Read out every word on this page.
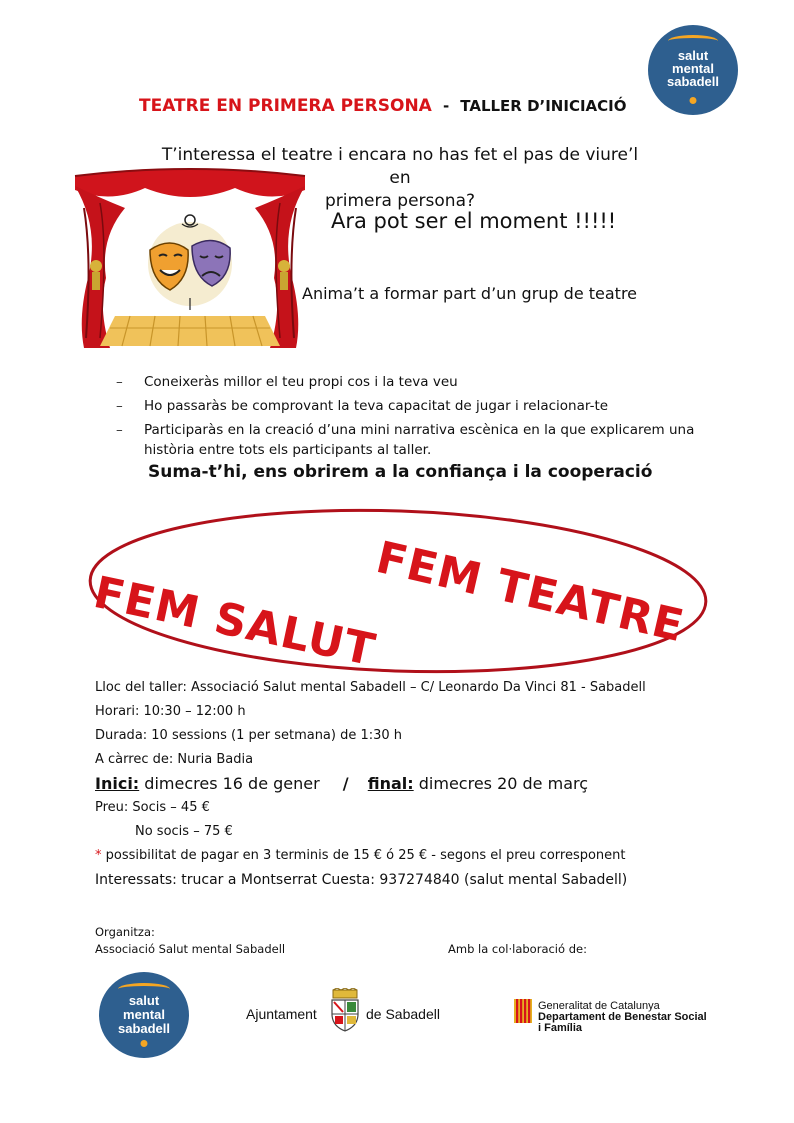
salut
mental
sabadell
TEATRE EN PRIMERA PERSONA - TALLER D’INICIACIÓ
T’interessa el teatre i encara no has fet el pas de viure’l en
primera persona?
Ara pot ser el moment !!!!!
Anima’t a formar part d’un grup de teatre
– Coneixeràs millor el teu propi cos i la teva veu
– Ho passaràs be comprovant la teva capacitat de jugar i relacionar-te
– Participaràs en la creació d’una mini narrativa escènica en la que explicarem una
història entre tots els participants al taller.
Suma-t’hi, ens obrirem a la confiança i la cooperació
FEM SALUT
FEM TEATRE
Lloc del taller: Associació Salut mental Sabadell – C/ Leonardo Da Vinci 81 - Sabadell
Horari: 10:30 – 12:00 h
Durada: 10 sessions (1 per setmana) de 1:30 h
A càrrec de: Nuria Badia
Inici: dimecres 16 de gener / final: dimecres 20 de març
Preu: Socis – 45 €
No socis – 75 €
* possibilitat de pagar en 3 terminis de 15 € ó 25 € - segons el preu corresponent
Interessats: trucar a Montserrat Cuesta: 937274840 (salut mental Sabadell)
Organitza:
Associació Salut mental Sabadell	Amb la col·laboració de:
salut
mental
sabadell
Ajuntament	de Sabadell	Generalitat de Catalunya
Departament de Benestar Social
i Família
